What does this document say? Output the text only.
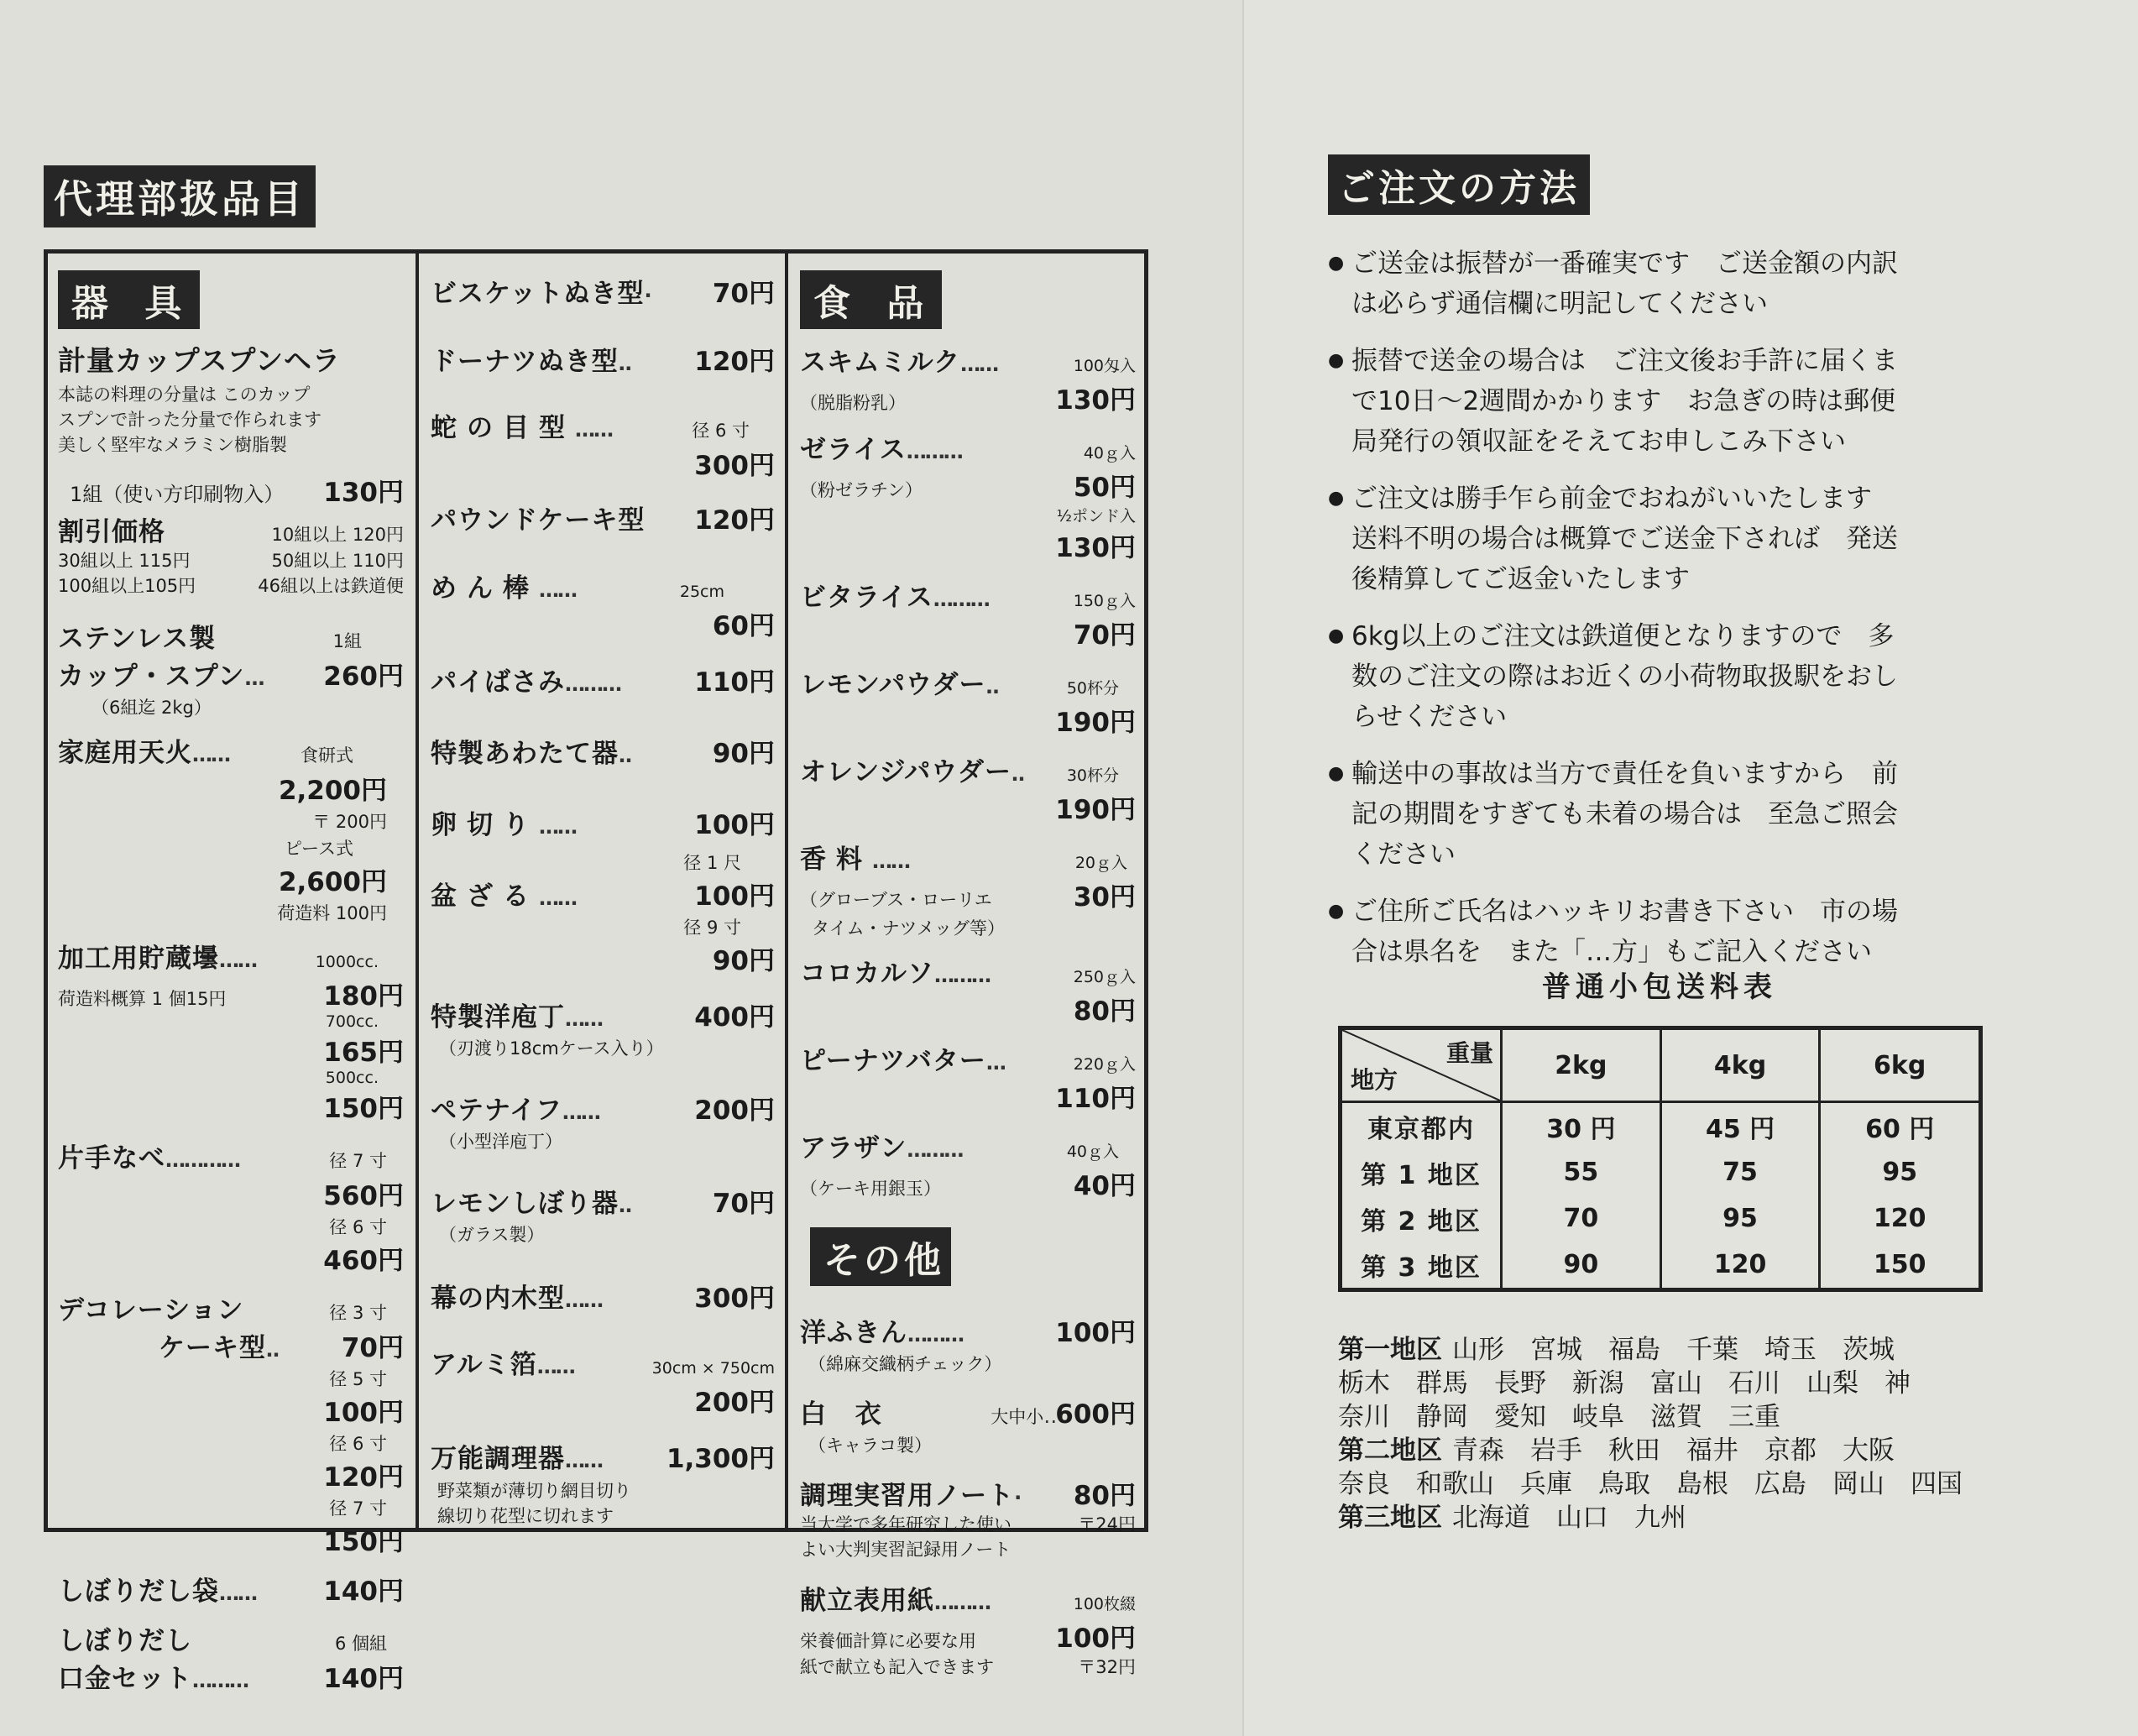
代理部扱品目
器 具
計量カップスプンヘラ
本誌の料理の分量は このカップ
スプンで計った分量で作られます
美しく堅牢なメラミン樹脂製
1組（使い方印刷物入） 130円
割引価格	10組以上 120円
30組以上 115円	50組以上 110円
100組以上105円	46組以上は鉄道便
ステンレス製	1組
カップ・スプン… 260円
（6組迄 2kg）
家庭用天火……	食研式
2,200円
〒 200円
ピース式
2,600円
荷造料 100円
加工用貯蔵壜……	1000cc.
荷造料概算 1 個15円	180円
700cc.
165円
500cc.
150円
片手なべ…………	径 7 寸
560円
径 6 寸
460円
デコレーション	径 3 寸
ケーキ型‥ 70円
径 5 寸
100円
径 6 寸
120円
径 7 寸
150円
しぼりだし袋……	140円
しぼりだし	6 個組
口金セット………	140円
ビスケットぬき型· 70円
ドーナツぬき型‥ 120円
蛇の目型……	径 6 寸
300円
パウンドケーキ型 120円
めん棒……	25cm
60円
パイばさみ………	110円
特製あわたて器‥	90円
卵切り……	100円
径 1 尺
盆ざる……	100円
径 9 寸
90円
特製洋庖丁……	400円
（刃渡り18cmケース入り）
ペテナイフ……	200円
（小型洋庖丁）
レモンしぼり器‥	70円
（ガラス製）
幕の内木型……	300円
アルミ箔……	30cm × 750cm
200円
万能調理器…… 1,300円
野菜類が薄切り網目切り
線切り花型に切れます
食 品
スキムミルク……	100匁入
（脱脂粉乳）	130円
ゼライス………	40ｇ入
（粉ゼラチン）	50円
½ポンド入
130円
ビタライス………	150ｇ入
70円
レモンパウダー‥	50杯分
190円
オレンジパウダー‥	30杯分
190円
香料……	20ｇ入
（グローブス・ローリエ	30円
タイム・ナツメッグ等）
コロカルソ………	250ｇ入
80円
ピーナツバター…	220ｇ入
110円
アラザン………	40ｇ入
（ケーキ用銀玉）	40円
その他
洋ふきん………	100円
（綿麻交織柄チェック）
白 衣	大中小‥600円
（キャラコ製）
調理実習用ノート· 80円
当大学で多年研究した使い	〒24円
よい大判実習記録用ノート
献立表用紙………	100枚綴
栄養価計算に必要な用	100円
紙で献立も記入できます	〒32円
ご注文の方法
● ご送金は振替が一番確実です　ご送金額の内訳
は必らず通信欄に明記してください
● 振替で送金の場合は　ご注文後お手許に届くま
で10日～2週間かかります　お急ぎの時は郵便
局発行の領収証をそえてお申しこみ下さい
● ご注文は勝手乍ら前金でおねがいいたします
送料不明の場合は概算でご送金下されば　発送
後精算してご返金いたします
● 6kg以上のご注文は鉄道便となりますので　多
数のご注文の際はお近くの小荷物取扱駅をおし
らせください
● 輸送中の事故は当方で責任を負いますから　前
記の期間をすぎても未着の場合は　至急ご照会
ください
● ご住所ご氏名はハッキリお書き下さい　市の場
合は県名を　また「…方」もご記入ください
普通小包送料表
重量
地方	2kg	4kg	6kg
東京都内	30 円	45 円	60 円
第 1 地区	55	75	95
第 2 地区	70	95	120
第 3 地区	90	120	150
第一地区 山形　宮城　福島　千葉　埼玉　茨城
栃木　群馬　長野　新潟　富山　石川　山梨　神
奈川　静岡　愛知　岐阜　滋賀　三重
第二地区 青森　岩手　秋田　福井　京都　大阪
奈良　和歌山　兵庫　鳥取　島根　広島　岡山　四国
第三地区 北海道　山口　九州
